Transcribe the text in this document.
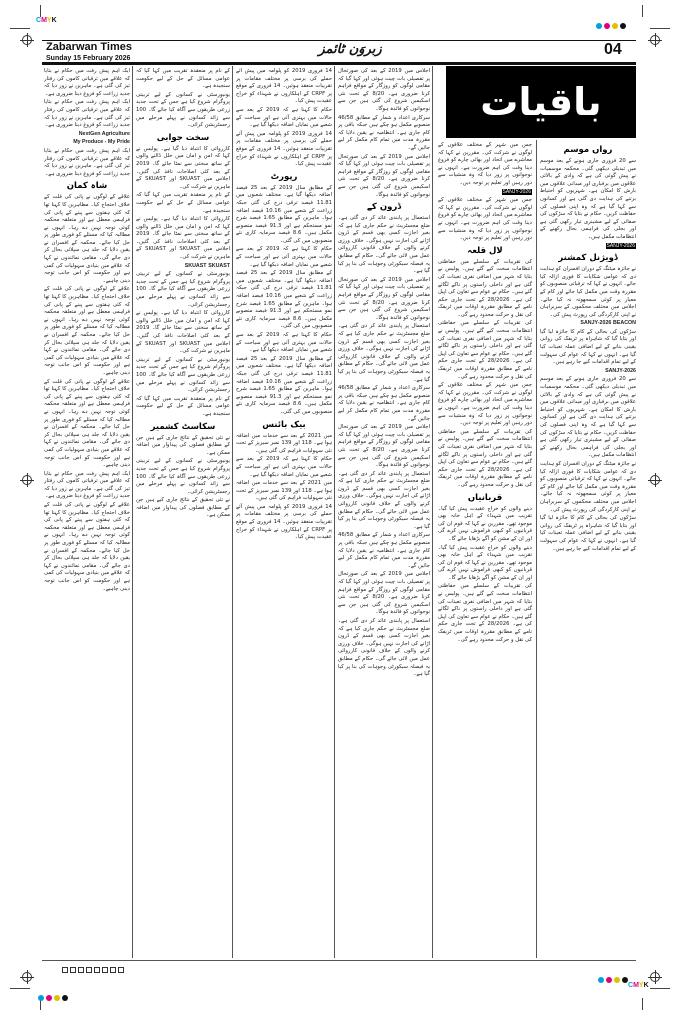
CMYK
CMYK
Zabarwan Times
Sunday 15 February 2026
زبروَن ٹائمز	04
باقیات
رواں موسم

سے 20 فروری جاری ہونے کے بعد موسم میں تبدیلی دیکھی گئی۔ محکمہ موسمیات نے پیش گوئی کی ہے کہ وادی کے بالائی علاقوں میں برفباری اور میدانی علاقوں میں بارش کا امکان ہے۔ شہریوں کو احتیاط برتنے کی ہدایت دی گئی ہے اور کسانوں سے کہا گیا ہے کہ وہ اپنی فصلوں کی حفاظت کریں۔ حکام نے بتایا کہ سڑکوں کی صفائی کے لیے مشینری تیار رکھی گئی ہے اور بجلی کی فراہمی بحال رکھنے کے انتظامات مکمل ہیں۔

SANJY-2026

ڈویژنل کمشنر

نے جائزہ میٹنگ کے دوران افسران کو ہدایت دی کہ عوامی شکایات کا فوری ازالہ کیا جائے۔ انہوں نے کہا کہ ترقیاتی منصوبوں کو مقررہ وقت میں مکمل کیا جائے اور کام کے معیار پر کوئی سمجھوتہ نہ کیا جائے۔ اجلاس میں مختلف محکموں کے سربراہان نے اپنی کارکردگی کی رپورٹ پیش کی۔

SANJY-2026 BEACON

سڑکوں کی بحالی کے کام کا جائزہ لیا گیا اور بتایا گیا کہ شاہراہ پر ٹریفک کی روانی یقینی بنانے کے لیے اضافی عملہ تعینات کیا گیا ہے۔ انہوں نے کہا کہ عوام کی سہولت کے لیے تمام اقدامات کیے جا رہے ہیں۔

SANJY-2026

سے 20 فروری جاری ہونے کے بعد موسم میں تبدیلی دیکھی گئی۔ محکمہ موسمیات نے پیش گوئی کی ہے کہ وادی کے بالائی علاقوں میں برفباری اور میدانی علاقوں میں بارش کا امکان ہے۔ شہریوں کو احتیاط برتنے کی ہدایت دی گئی ہے اور کسانوں سے کہا گیا ہے کہ وہ اپنی فصلوں کی حفاظت کریں۔ حکام نے بتایا کہ سڑکوں کی صفائی کے لیے مشینری تیار رکھی گئی ہے اور بجلی کی فراہمی بحال رکھنے کے انتظامات مکمل ہیں۔

نے جائزہ میٹنگ کے دوران افسران کو ہدایت دی کہ عوامی شکایات کا فوری ازالہ کیا جائے۔ انہوں نے کہا کہ ترقیاتی منصوبوں کو مقررہ وقت میں مکمل کیا جائے اور کام کے معیار پر کوئی سمجھوتہ نہ کیا جائے۔ اجلاس میں مختلف محکموں کے سربراہان نے اپنی کارکردگی کی رپورٹ پیش کی۔

سڑکوں کی بحالی کے کام کا جائزہ لیا گیا اور بتایا گیا کہ شاہراہ پر ٹریفک کی روانی یقینی بنانے کے لیے اضافی عملہ تعینات کیا گیا ہے۔ انہوں نے کہا کہ عوام کی سہولت کے لیے تمام اقدامات کیے جا رہے ہیں۔

جس میں شہر کے مختلف علاقوں کے لوگوں نے شرکت کی۔ مقررین نے کہا کہ معاشرے میں اتحاد اور بھائی چارے کو فروغ دینا وقت کی اہم ضرورت ہے۔ انہوں نے نوجوانوں پر زور دیا کہ وہ منشیات سے دور رہیں اور تعلیم پر توجہ دیں۔

SANJY-2026

جس میں شہر کے مختلف علاقوں کے لوگوں نے شرکت کی۔ مقررین نے کہا کہ معاشرے میں اتحاد اور بھائی چارے کو فروغ دینا وقت کی اہم ضرورت ہے۔ انہوں نے نوجوانوں پر زور دیا کہ وہ منشیات سے دور رہیں اور تعلیم پر توجہ دیں۔

لال قلعہ

کی تقریبات کے سلسلے میں حفاظتی انتظامات سخت کیے گئے ہیں۔ پولیس نے بتایا کہ شہر میں اضافی نفری تعینات کی گئی ہے اور داخلی راستوں پر ناکے لگائے گئے ہیں۔ حکام نے عوام سے تعاون کی اپیل کی ہے۔ 28/2026 کے تحت جاری حکم نامے کے مطابق مقررہ اوقات میں ٹریفک کی نقل و حرکت محدود رہے گی۔

کی تقریبات کے سلسلے میں حفاظتی انتظامات سخت کیے گئے ہیں۔ پولیس نے بتایا کہ شہر میں اضافی نفری تعینات کی گئی ہے اور داخلی راستوں پر ناکے لگائے گئے ہیں۔ حکام نے عوام سے تعاون کی اپیل کی ہے۔ 28/2026 کے تحت جاری حکم نامے کے مطابق مقررہ اوقات میں ٹریفک کی نقل و حرکت محدود رہے گی۔

جس میں شہر کے مختلف علاقوں کے لوگوں نے شرکت کی۔ مقررین نے کہا کہ معاشرے میں اتحاد اور بھائی چارے کو فروغ دینا وقت کی اہم ضرورت ہے۔ انہوں نے نوجوانوں پر زور دیا کہ وہ منشیات سے دور رہیں اور تعلیم پر توجہ دیں۔

کی تقریبات کے سلسلے میں حفاظتی انتظامات سخت کیے گئے ہیں۔ پولیس نے بتایا کہ شہر میں اضافی نفری تعینات کی گئی ہے اور داخلی راستوں پر ناکے لگائے گئے ہیں۔ حکام نے عوام سے تعاون کی اپیل کی ہے۔ 28/2026 کے تحت جاری حکم نامے کے مطابق مقررہ اوقات میں ٹریفک کی نقل و حرکت محدود رہے گی۔

قربانیاں

دینے والوں کو خراج عقیدت پیش کیا گیا۔ تقریب میں شہداء کے اہل خانہ بھی موجود تھے۔ مقررین نے کہا کہ قوم ان کی قربانیوں کو کبھی فراموش نہیں کرے گی اور ان کے مشن کو آگے بڑھایا جائے گا۔

دینے والوں کو خراج عقیدت پیش کیا گیا۔ تقریب میں شہداء کے اہل خانہ بھی موجود تھے۔ مقررین نے کہا کہ قوم ان کی قربانیوں کو کبھی فراموش نہیں کرے گی اور ان کے مشن کو آگے بڑھایا جائے گا۔

کی تقریبات کے سلسلے میں حفاظتی انتظامات سخت کیے گئے ہیں۔ پولیس نے بتایا کہ شہر میں اضافی نفری تعینات کی گئی ہے اور داخلی راستوں پر ناکے لگائے گئے ہیں۔ حکام نے عوام سے تعاون کی اپیل کی ہے۔ 28/2026 کے تحت جاری حکم نامے کے مطابق مقررہ اوقات میں ٹریفک کی نقل و حرکت محدود رہے گی۔

اجلاس میں 2019 کے بعد کی صورتحال پر تفصیلی بات چیت ہوئی اور کہا گیا کہ مقامی لوگوں کو روزگار کے مواقع فراہم کرنا ضروری ہے۔ 8/20 کے تحت نئی اسکیمیں شروع کی گئی ہیں جن سے نوجوانوں کو فائدہ ہوگا۔

سرکاری اعداد و شمار کے مطابق 46/58 منصوبے مکمل ہو چکے ہیں جبکہ باقی پر کام جاری ہے۔ انتظامیہ نے یقین دلایا کہ مقررہ مدت میں تمام کام مکمل کر لیے جائیں گے۔

اجلاس میں 2019 کے بعد کی صورتحال پر تفصیلی بات چیت ہوئی اور کہا گیا کہ مقامی لوگوں کو روزگار کے مواقع فراہم کرنا ضروری ہے۔ 8/20 کے تحت نئی اسکیمیں شروع کی گئی ہیں جن سے نوجوانوں کو فائدہ ہوگا۔

ڈرون کے

استعمال پر پابندی عائد کر دی گئی ہے۔ ضلع مجسٹریٹ نے حکم جاری کیا ہے کہ بغیر اجازت کسی بھی قسم کے ڈرون اڑانے کی اجازت نہیں ہوگی۔ خلاف ورزی کرنے والوں کے خلاف قانونی کارروائی عمل میں لائی جائے گی۔ حکام کے مطابق یہ فیصلہ سیکورٹی وجوہات کی بنا پر کیا گیا ہے۔

اجلاس میں 2019 کے بعد کی صورتحال پر تفصیلی بات چیت ہوئی اور کہا گیا کہ مقامی لوگوں کو روزگار کے مواقع فراہم کرنا ضروری ہے۔ 8/20 کے تحت نئی اسکیمیں شروع کی گئی ہیں جن سے نوجوانوں کو فائدہ ہوگا۔

استعمال پر پابندی عائد کر دی گئی ہے۔ ضلع مجسٹریٹ نے حکم جاری کیا ہے کہ بغیر اجازت کسی بھی قسم کے ڈرون اڑانے کی اجازت نہیں ہوگی۔ خلاف ورزی کرنے والوں کے خلاف قانونی کارروائی عمل میں لائی جائے گی۔ حکام کے مطابق یہ فیصلہ سیکورٹی وجوہات کی بنا پر کیا گیا ہے۔

سرکاری اعداد و شمار کے مطابق 46/58 منصوبے مکمل ہو چکے ہیں جبکہ باقی پر کام جاری ہے۔ انتظامیہ نے یقین دلایا کہ مقررہ مدت میں تمام کام مکمل کر لیے جائیں گے۔

اجلاس میں 2019 کے بعد کی صورتحال پر تفصیلی بات چیت ہوئی اور کہا گیا کہ مقامی لوگوں کو روزگار کے مواقع فراہم کرنا ضروری ہے۔ 8/20 کے تحت نئی اسکیمیں شروع کی گئی ہیں جن سے نوجوانوں کو فائدہ ہوگا۔

استعمال پر پابندی عائد کر دی گئی ہے۔ ضلع مجسٹریٹ نے حکم جاری کیا ہے کہ بغیر اجازت کسی بھی قسم کے ڈرون اڑانے کی اجازت نہیں ہوگی۔ خلاف ورزی کرنے والوں کے خلاف قانونی کارروائی عمل میں لائی جائے گی۔ حکام کے مطابق یہ فیصلہ سیکورٹی وجوہات کی بنا پر کیا گیا ہے۔

سرکاری اعداد و شمار کے مطابق 46/58 منصوبے مکمل ہو چکے ہیں جبکہ باقی پر کام جاری ہے۔ انتظامیہ نے یقین دلایا کہ مقررہ مدت میں تمام کام مکمل کر لیے جائیں گے۔

اجلاس میں 2019 کے بعد کی صورتحال پر تفصیلی بات چیت ہوئی اور کہا گیا کہ مقامی لوگوں کو روزگار کے مواقع فراہم کرنا ضروری ہے۔ 8/20 کے تحت نئی اسکیمیں شروع کی گئی ہیں جن سے نوجوانوں کو فائدہ ہوگا۔

استعمال پر پابندی عائد کر دی گئی ہے۔ ضلع مجسٹریٹ نے حکم جاری کیا ہے کہ بغیر اجازت کسی بھی قسم کے ڈرون اڑانے کی اجازت نہیں ہوگی۔ خلاف ورزی کرنے والوں کے خلاف قانونی کارروائی عمل میں لائی جائے گی۔ حکام کے مطابق یہ فیصلہ سیکورٹی وجوہات کی بنا پر کیا گیا ہے۔

14 فروری 2019 کو پلوامہ میں پیش آئے حملے کی برسی پر مختلف مقامات پر تقریبات منعقد ہوئیں۔ 14 فروری کے موقع پر CRPF کے اہلکاروں نے شہداء کو خراج عقیدت پیش کیا۔

حکام کا کہنا ہے کہ 2019 کے بعد سے حالات میں بہتری آئی ہے اور سیاحت کے شعبے میں نمایاں اضافہ دیکھا گیا ہے۔

14 فروری 2019 کو پلوامہ میں پیش آئے حملے کی برسی پر مختلف مقامات پر تقریبات منعقد ہوئیں۔ 14 فروری کے موقع پر CRPF کے اہلکاروں نے شہداء کو خراج عقیدت پیش کیا۔

رپورٹ

کے مطابق سال 2019 کے بعد 25 فیصد اضافہ دیکھا گیا ہے۔ مختلف شعبوں میں 11.81 فیصد ترقی درج کی گئی جبکہ زراعت کے شعبے میں 10.16 فیصد اضافہ ہوا۔ ماہرین کے مطابق 1.65 فیصد شرح نمو مستحکم ہے اور 91.3 فیصد منصوبے مکمل ہیں۔ 8.6 فیصد سرمایہ کاری نئے منصوبوں میں کی گئی۔

حکام کا کہنا ہے کہ 2019 کے بعد سے حالات میں بہتری آئی ہے اور سیاحت کے شعبے میں نمایاں اضافہ دیکھا گیا ہے۔

کے مطابق سال 2019 کے بعد 25 فیصد اضافہ دیکھا گیا ہے۔ مختلف شعبوں میں 11.81 فیصد ترقی درج کی گئی جبکہ زراعت کے شعبے میں 10.16 فیصد اضافہ ہوا۔ ماہرین کے مطابق 1.65 فیصد شرح نمو مستحکم ہے اور 91.3 فیصد منصوبے مکمل ہیں۔ 8.6 فیصد سرمایہ کاری نئے منصوبوں میں کی گئی۔

حکام کا کہنا ہے کہ 2019 کے بعد سے حالات میں بہتری آئی ہے اور سیاحت کے شعبے میں نمایاں اضافہ دیکھا گیا ہے۔

کے مطابق سال 2019 کے بعد 25 فیصد اضافہ دیکھا گیا ہے۔ مختلف شعبوں میں 11.81 فیصد ترقی درج کی گئی جبکہ زراعت کے شعبے میں 10.16 فیصد اضافہ ہوا۔ ماہرین کے مطابق 1.65 فیصد شرح نمو مستحکم ہے اور 91.3 فیصد منصوبے مکمل ہیں۔ 8.6 فیصد سرمایہ کاری نئے منصوبوں میں کی گئی۔

بیک بائنس

میں 2021 کے بعد سے خدمات میں اضافہ ہوا ہے۔ 118 اور 139 نمبر سیریز کے تحت نئی سہولیات فراہم کی گئی ہیں۔

حکام کا کہنا ہے کہ 2019 کے بعد سے حالات میں بہتری آئی ہے اور سیاحت کے شعبے میں نمایاں اضافہ دیکھا گیا ہے۔

میں 2021 کے بعد سے خدمات میں اضافہ ہوا ہے۔ 118 اور 139 نمبر سیریز کے تحت نئی سہولیات فراہم کی گئی ہیں۔

14 فروری 2019 کو پلوامہ میں پیش آئے حملے کی برسی پر مختلف مقامات پر تقریبات منعقد ہوئیں۔ 14 فروری کے موقع پر CRPF کے اہلکاروں نے شہداء کو خراج عقیدت پیش کیا۔

کے نام پر منعقدہ تقریب میں کہا گیا کہ عوامی مسائل کے حل کے لیے حکومت سنجیدہ ہے۔

یونیورسٹی نے کسانوں کے لیے تربیتی پروگرام شروع کیا ہے جس کے تحت جدید زرعی طریقوں سے آگاہ کیا جائے گا۔ 100 سے زائد کسانوں نے پہلے مرحلے میں رجسٹریشن کرائی۔

سخت جوابی

کارروائی کا انتباہ دیا گیا ہے۔ پولیس نے کہا کہ امن و امان میں خلل ڈالنے والوں کے ساتھ سختی سے نمٹا جائے گا۔ 2019 کے بعد کئی اصلاحات نافذ کی گئیں۔ اجلاس میں SKUAST اور SKUAST کے ماہرین نے شرکت کی۔

کے نام پر منعقدہ تقریب میں کہا گیا کہ عوامی مسائل کے حل کے لیے حکومت سنجیدہ ہے۔

کارروائی کا انتباہ دیا گیا ہے۔ پولیس نے کہا کہ امن و امان میں خلل ڈالنے والوں کے ساتھ سختی سے نمٹا جائے گا۔ 2019 کے بعد کئی اصلاحات نافذ کی گئیں۔ اجلاس میں SKUAST اور SKUAST کے ماہرین نے شرکت کی۔

SKUAST SKUAST

یونیورسٹی نے کسانوں کے لیے تربیتی پروگرام شروع کیا ہے جس کے تحت جدید زرعی طریقوں سے آگاہ کیا جائے گا۔ 100 سے زائد کسانوں نے پہلے مرحلے میں رجسٹریشن کرائی۔

کارروائی کا انتباہ دیا گیا ہے۔ پولیس نے کہا کہ امن و امان میں خلل ڈالنے والوں کے ساتھ سختی سے نمٹا جائے گا۔ 2019 کے بعد کئی اصلاحات نافذ کی گئیں۔ اجلاس میں SKUAST اور SKUAST کے ماہرین نے شرکت کی۔

یونیورسٹی نے کسانوں کے لیے تربیتی پروگرام شروع کیا ہے جس کے تحت جدید زرعی طریقوں سے آگاہ کیا جائے گا۔ 100 سے زائد کسانوں نے پہلے مرحلے میں رجسٹریشن کرائی۔

کے نام پر منعقدہ تقریب میں کہا گیا کہ عوامی مسائل کے حل کے لیے حکومت سنجیدہ ہے۔

سکاسٹ کشمیر

نے نئی تحقیق کے نتائج جاری کیے ہیں جن کے مطابق فصلوں کی پیداوار میں اضافہ ممکن ہے۔

یونیورسٹی نے کسانوں کے لیے تربیتی پروگرام شروع کیا ہے جس کے تحت جدید زرعی طریقوں سے آگاہ کیا جائے گا۔ 100 سے زائد کسانوں نے پہلے مرحلے میں رجسٹریشن کرائی۔

نے نئی تحقیق کے نتائج جاری کیے ہیں جن کے مطابق فصلوں کی پیداوار میں اضافہ ممکن ہے۔

ایک اہم پیش رفت میں حکام نے بتایا کہ علاقے میں ترقیاتی کاموں کی رفتار تیز کی گئی ہے۔ ماہرین نے زور دیا کہ جدید زراعت کو فروغ دینا ضروری ہے۔

ایک اہم پیش رفت میں حکام نے بتایا کہ علاقے میں ترقیاتی کاموں کی رفتار تیز کی گئی ہے۔ ماہرین نے زور دیا کہ جدید زراعت کو فروغ دینا ضروری ہے۔

NextGen Agriculture

My Produce - My Pride

ایک اہم پیش رفت میں حکام نے بتایا کہ علاقے میں ترقیاتی کاموں کی رفتار تیز کی گئی ہے۔ ماہرین نے زور دیا کہ جدید زراعت کو فروغ دینا ضروری ہے۔

شاہ کمان

علاقے کے لوگوں نے پانی کی قلت کے خلاف احتجاج کیا۔ مظاہرین کا کہنا تھا کہ کئی ہفتوں سے پینے کے پانی کی فراہمی معطل ہے اور متعلقہ محکمہ کوئی توجہ نہیں دے رہا۔ انہوں نے مطالبہ کیا کہ مسئلے کو فوری طور پر حل کیا جائے۔ محکمہ کے افسران نے یقین دلایا کہ جلد ہی سپلائی بحال کر دی جائے گی۔ مقامی نمائندوں نے کہا کہ علاقے میں بنیادی سہولیات کی کمی ہے اور حکومت کو اس جانب توجہ دینی چاہیے۔

علاقے کے لوگوں نے پانی کی قلت کے خلاف احتجاج کیا۔ مظاہرین کا کہنا تھا کہ کئی ہفتوں سے پینے کے پانی کی فراہمی معطل ہے اور متعلقہ محکمہ کوئی توجہ نہیں دے رہا۔ انہوں نے مطالبہ کیا کہ مسئلے کو فوری طور پر حل کیا جائے۔ محکمہ کے افسران نے یقین دلایا کہ جلد ہی سپلائی بحال کر دی جائے گی۔ مقامی نمائندوں نے کہا کہ علاقے میں بنیادی سہولیات کی کمی ہے اور حکومت کو اس جانب توجہ دینی چاہیے۔

علاقے کے لوگوں نے پانی کی قلت کے خلاف احتجاج کیا۔ مظاہرین کا کہنا تھا کہ کئی ہفتوں سے پینے کے پانی کی فراہمی معطل ہے اور متعلقہ محکمہ کوئی توجہ نہیں دے رہا۔ انہوں نے مطالبہ کیا کہ مسئلے کو فوری طور پر حل کیا جائے۔ محکمہ کے افسران نے یقین دلایا کہ جلد ہی سپلائی بحال کر دی جائے گی۔ مقامی نمائندوں نے کہا کہ علاقے میں بنیادی سہولیات کی کمی ہے اور حکومت کو اس جانب توجہ دینی چاہیے۔

ایک اہم پیش رفت میں حکام نے بتایا کہ علاقے میں ترقیاتی کاموں کی رفتار تیز کی گئی ہے۔ ماہرین نے زور دیا کہ جدید زراعت کو فروغ دینا ضروری ہے۔

علاقے کے لوگوں نے پانی کی قلت کے خلاف احتجاج کیا۔ مظاہرین کا کہنا تھا کہ کئی ہفتوں سے پینے کے پانی کی فراہمی معطل ہے اور متعلقہ محکمہ کوئی توجہ نہیں دے رہا۔ انہوں نے مطالبہ کیا کہ مسئلے کو فوری طور پر حل کیا جائے۔ محکمہ کے افسران نے یقین دلایا کہ جلد ہی سپلائی بحال کر دی جائے گی۔ مقامی نمائندوں نے کہا کہ علاقے میں بنیادی سہولیات کی کمی ہے اور حکومت کو اس جانب توجہ دینی چاہیے۔
